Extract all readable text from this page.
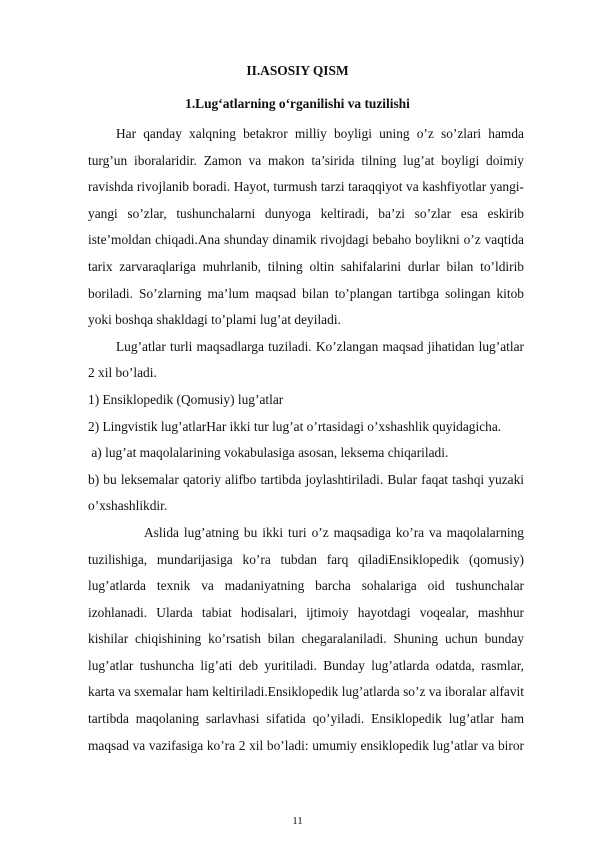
II.ASOSIY QISM
1.Lug‘atlarning o‘rganilishi va tuzilishi

Har qanday xalqning betakror milliy boyligi uning o’z so’zlari hamda turg’un iboralaridir. Zamon va makon ta’sirida tilning lug’at boyligi doimiy ravishda rivojlanib boradi. Hayot, turmush tarzi taraqqiyot va kashfiyotlar yangi-yangi so’zlar, tushunchalarni dunyoga keltiradi, ba’zi so’zlar esa eskirib iste’moldan chiqadi.Ana shunday dinamik rivojdagi bebaho boylikni o’z vaqtida tarix zarvaraqlariga muhrlanib, tilning oltin sahifalarini durlar bilan to’ldirib boriladi. So’zlarning ma’lum maqsad bilan to’plangan tartibga solingan kitob yoki boshqa shakldagi to’plami lug’at deyiladi.

Lug’atlar turli maqsadlarga tuziladi. Ko’zlangan maqsad jihatidan lug’atlar 2 xil bo’ladi.

1) Ensiklopedik (Qomusiy) lug’atlar

2) Lingvistik lug’atlarHar ikki tur lug’at o’rtasidagi o’xshashlik quyidagicha.

a) lug’at maqolalarining vokabulasiga asosan, leksema chiqariladi.

b) bu leksemalar qatoriy alifbo tartibda joylashtiriladi. Bular faqat tashqi yuzaki o’xshashlikdir.

Aslida lug’atning bu ikki turi o’z maqsadiga ko’ra va maqolalarning tuzilishiga, mundarijasiga ko’ra tubdan farq qiladiEnsiklopedik (qomusiy) lug’atlarda texnik va madaniyatning barcha sohalariga oid tushunchalar izohlanadi. Ularda tabiat hodisalari, ijtimoiy hayotdagi voqealar, mashhur kishilar chiqishining ko’rsatish bilan chegaralaniladi. Shuning uchun bunday lug’atlar tushuncha lig’ati deb yuritiladi. Bunday lug’atlarda odatda, rasmlar, karta va sxemalar ham keltiriladi.Ensiklopedik lug’atlarda so’z va iboralar alfavit tartibda maqolaning sarlavhasi sifatida qo’yiladi. Ensiklopedik lug’atlar ham maqsad va vazifasiga ko’ra 2 xil bo’ladi: umumiy ensiklopedik lug’atlar va biror

11
